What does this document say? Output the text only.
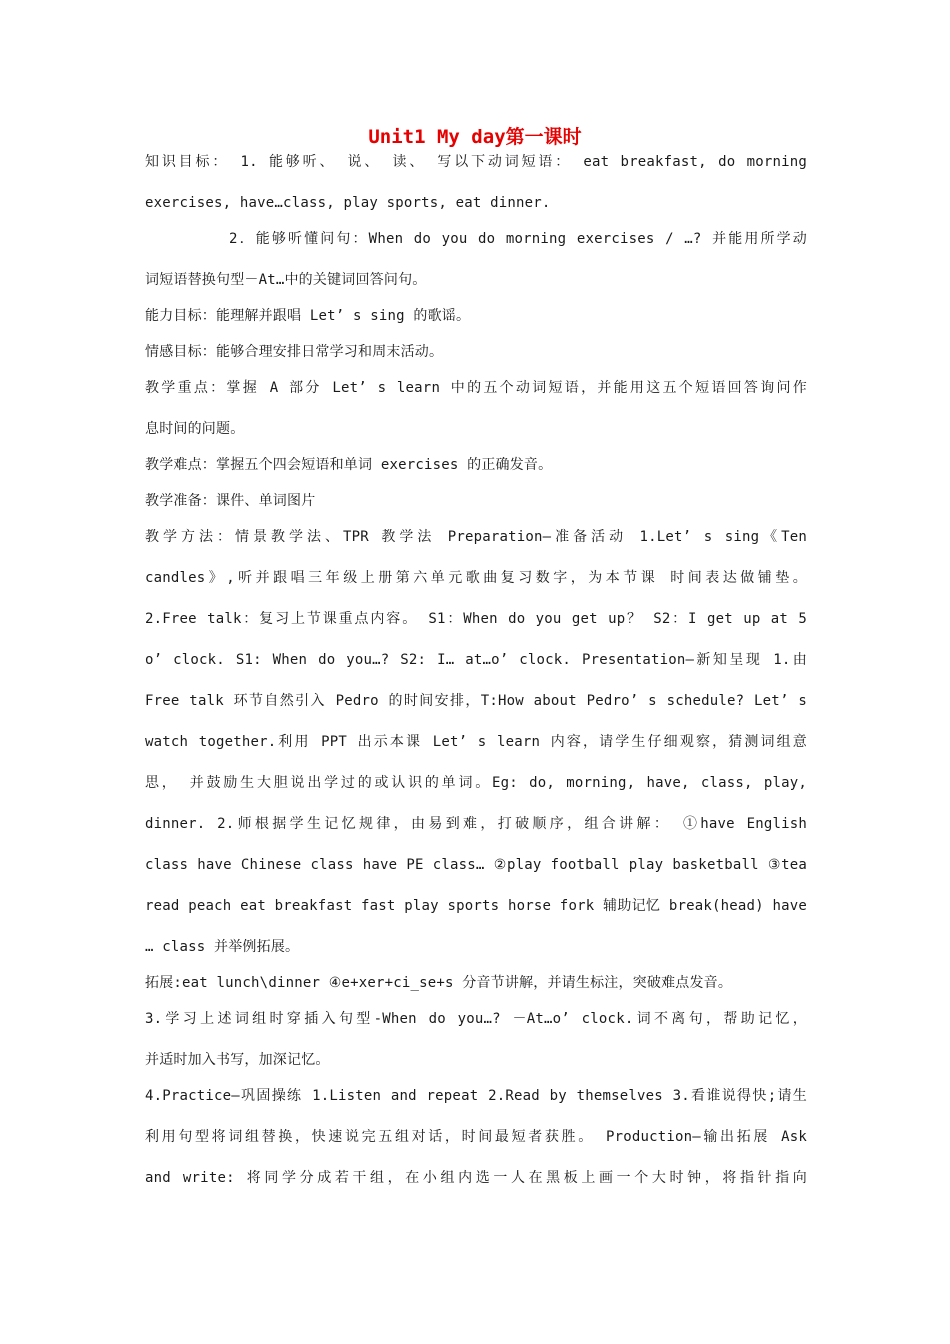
Unit1 My day第一课时
知识目标： 1. 能够听、 说、 读、 写以下动词短语： eat breakfast, do morning
exercises, have…class, play sports, eat dinner.
2．能够听懂问句：When do you do morning exercises / …? 并能用所学动
词短语替换句型－At…中的关键词回答问句。
能力目标：能理解并跟唱 Let’ s sing 的歌谣。
情感目标：能够合理安排日常学习和周末活动。
教学重点：掌握 A 部分 Let’ s learn 中的五个动词短语，并能用这五个短语回答询问作
息时间的问题。
教学难点：掌握五个四会短语和单词 exercises 的正确发音。
教学准备：课件、单词图片
教学方法：情景教学法、TPR 教学法 Preparation—准备活动 1.Let’ s sing《Ten
candles》,听并跟唱三年级上册第六单元歌曲复习数字，为本节课 时间表达做铺垫。
2.Free talk：复习上节课重点内容。 S1：When do you get up？ S2：I get up at 5
o’ clock. S1: When do you…? S2: I… at…o’ clock. Presentation—新知呈现 1.由
Free talk 环节自然引入 Pedro 的时间安排，T:How about Pedro’ s schedule? Let’ s
watch together.利用 PPT 出示本课 Let’ s learn 内容，请学生仔细观察，猜测词组意
思， 并鼓励生大胆说出学过的或认识的单词。Eg: do, morning, have, class, play,
dinner. 2.师根据学生记忆规律，由易到难，打破顺序，组合讲解： ①have English
class have Chinese class have PE class… ②play football play basketball ③tea
read peach eat breakfast fast play sports horse fork 辅助记忆 break(head) have
… class 并举例拓展。
拓展:eat lunch\dinner ④e+xer+ci_se+s 分音节讲解，并请生标注，突破难点发音。
3.学习上述词组时穿插入句型-When do you…? －At…o’ clock.词不离句，帮助记忆，
并适时加入书写，加深记忆。
4.Practice—巩固操练 1.Listen and repeat 2.Read by themselves 3.看谁说得快;请生
利用句型将词组替换，快速说完五组对话，时间最短者获胜。 Production—输出拓展 Ask
and write: 将同学分成若干组，在小组内选一人在黑板上画一个大时钟，将指针指向
